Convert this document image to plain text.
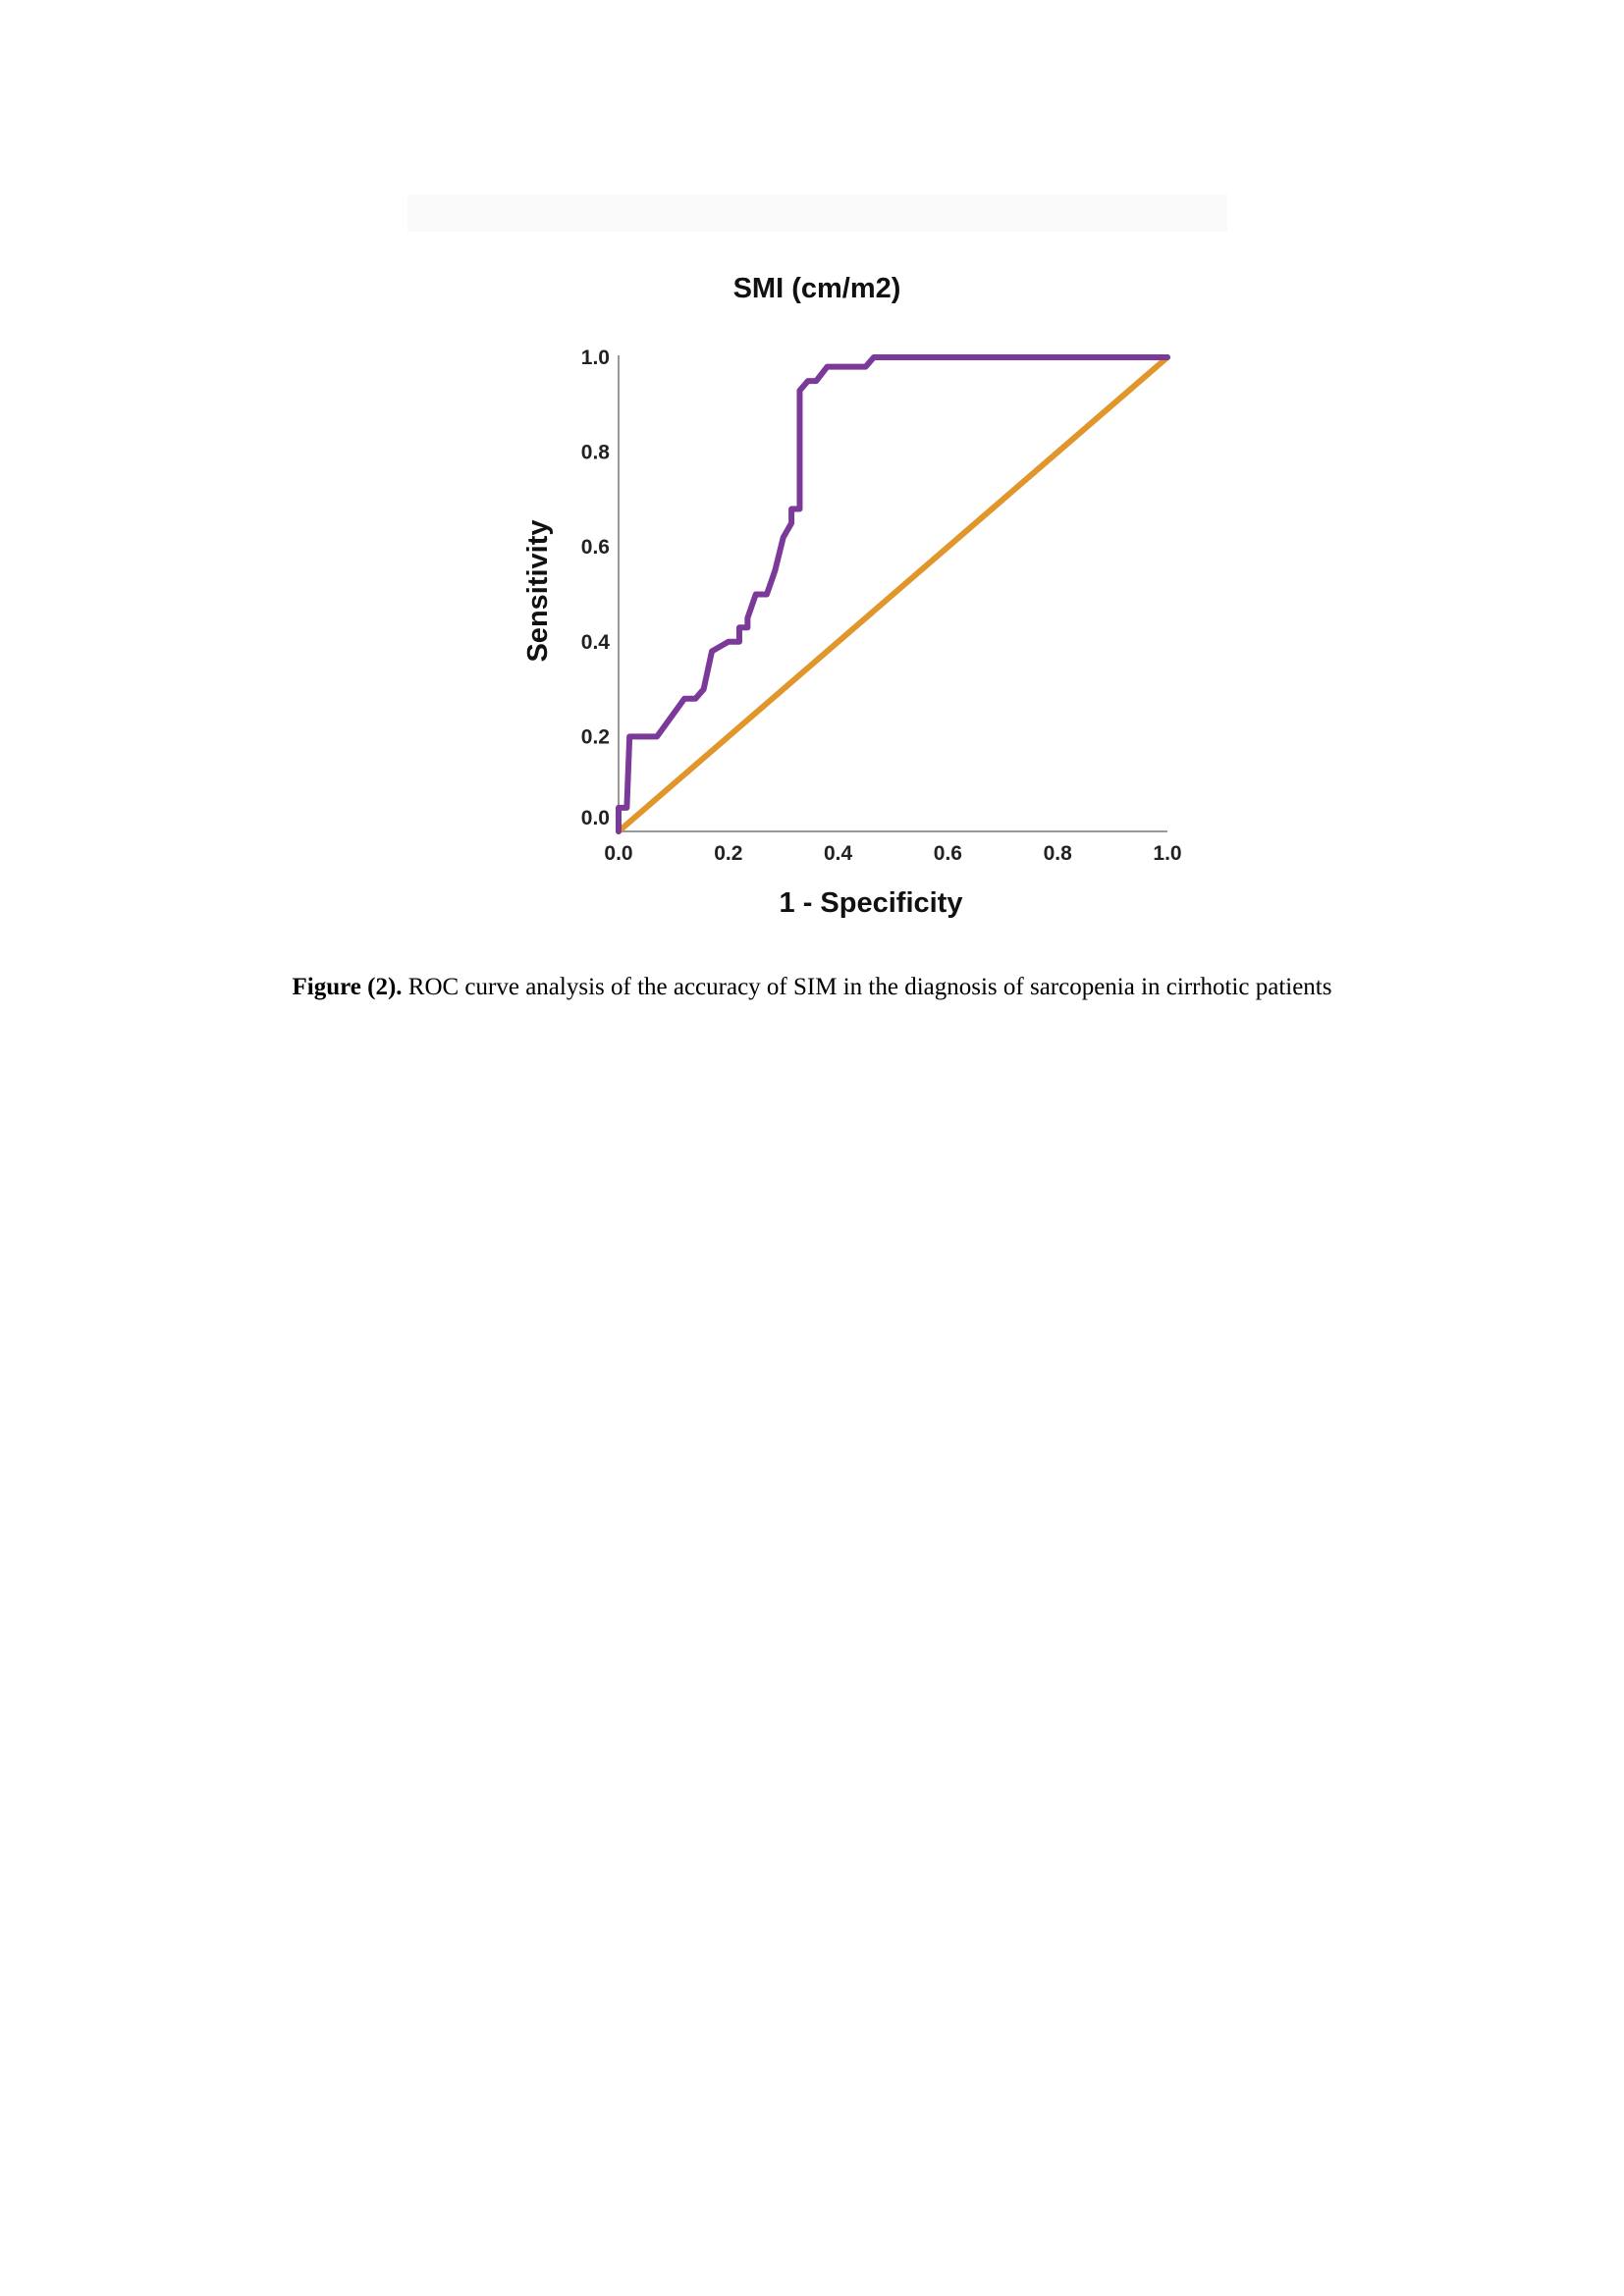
SMI (cm/m2)
0.0	0.2	0.4	0.6	0.8	1.0
0.0
0.2
0.4
0.6
0.8
1.0
1 - Specificity
Sensitivity
Figure (2). ROC curve analysis of the accuracy of SIM in the diagnosis of sarcopenia in cirrhotic patients
